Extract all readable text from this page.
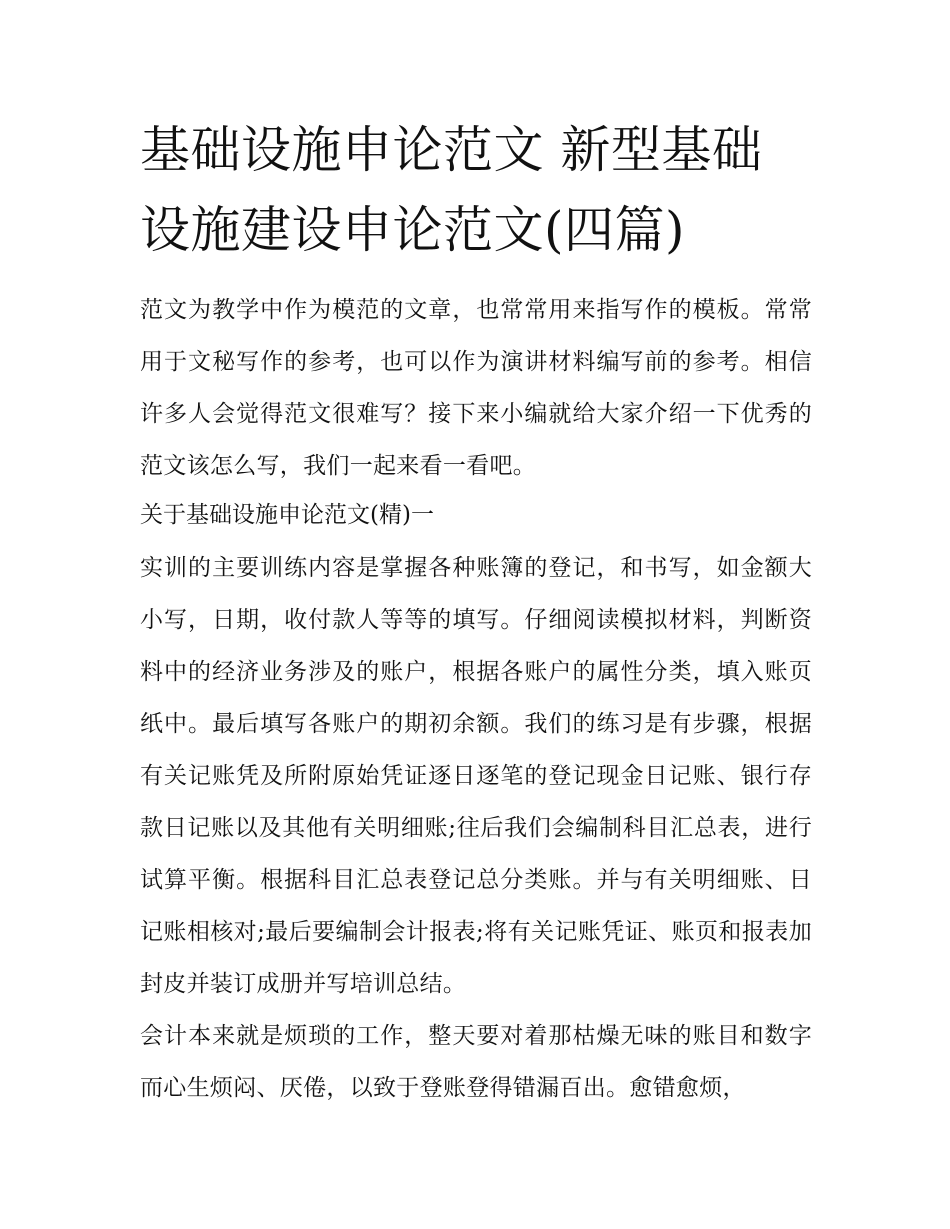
基础设施申论范文 新型基础设施建设申论范文(四篇)

范文为教学中作为模范的文章，也常常用来指写作的模板。常常用于文秘写作的参考，也可以作为演讲材料编写前的参考。相信许多人会觉得范文很难写？接下来小编就给大家介绍一下优秀的范文该怎么写，我们一起来看一看吧。

关于基础设施申论范文(精)一

实训的主要训练内容是掌握各种账簿的登记，和书写，如金额大小写，日期，收付款人等等的填写。仔细阅读模拟材料，判断资料中的经济业务涉及的账户，根据各账户的属性分类，填入账页纸中。最后填写各账户的期初余额。我们的练习是有步骤，根据有关记账凭及所附原始凭证逐日逐笔的登记现金日记账、银行存款日记账以及其他有关明细账;往后我们会编制科目汇总表，进行试算平衡。根据科目汇总表登记总分类账。并与有关明细账、日记账相核对;最后要编制会计报表;将有关记账凭证、账页和报表加封皮并装订成册并写培训总结。

会计本来就是烦琐的工作，整天要对着那枯燥无味的账目和数字而心生烦闷、厌倦，以致于登账登得错漏百出。愈错愈烦，
